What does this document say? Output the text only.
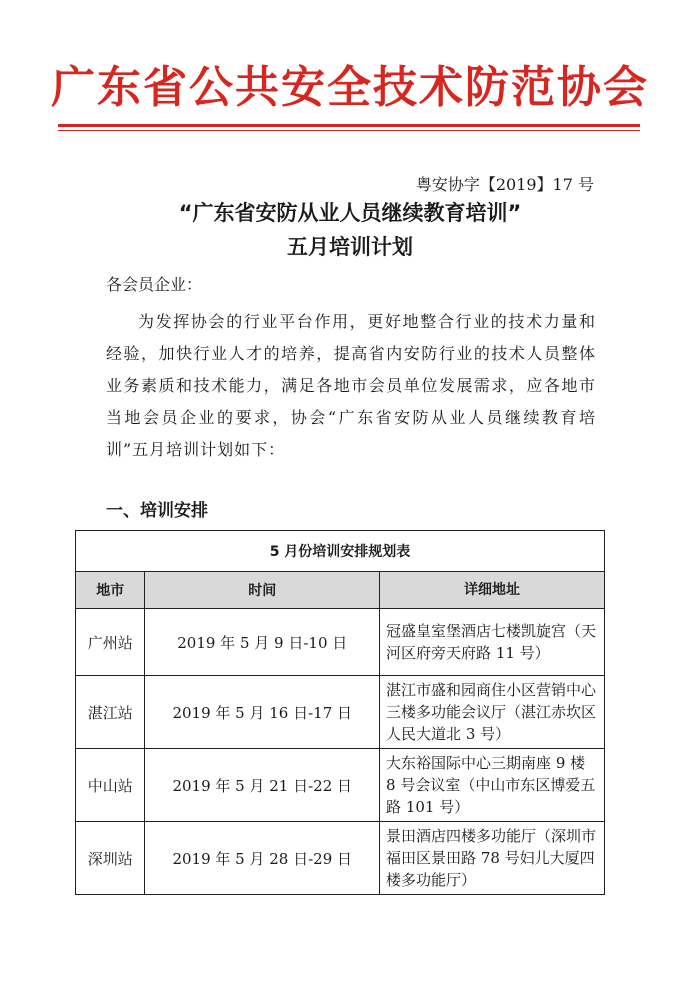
广东省公共安全技术防范协会
粤安协字【2019】17 号
“广东省安防从业人员继续教育培训”
五月培训计划
各会员企业：
为发挥协会的行业平台作用，更好地整合行业的技术力量和经验，加快行业人才的培养，提高省内安防行业的技术人员整体业务素质和技术能力，满足各地市会员单位发展需求，应各地市当地会员企业的要求，协会“广东省安防从业人员继续教育培训”五月培训计划如下：
一、培训安排
5 月份培训安排规划表		
地市	时间	详细地址
广州站	2019 年 5 月 9 日-10 日	冠盛皇室堡酒店七楼凯旋宫（天河区府旁天府路 11 号）
湛江站	2019 年 5 月 16 日-17 日	湛江市盛和园商住小区营销中心三楼多功能会议厅（湛江赤坎区人民大道北 3 号）
中山站	2019 年 5 月 21 日-22 日	大东裕国际中心三期南座 9 楼 8 号会议室（中山市东区博爱五路 101 号）
深圳站	2019 年 5 月 28 日-29 日	景田酒店四楼多功能厅（深圳市福田区景田路 78 号妇儿大厦四楼多功能厅）
